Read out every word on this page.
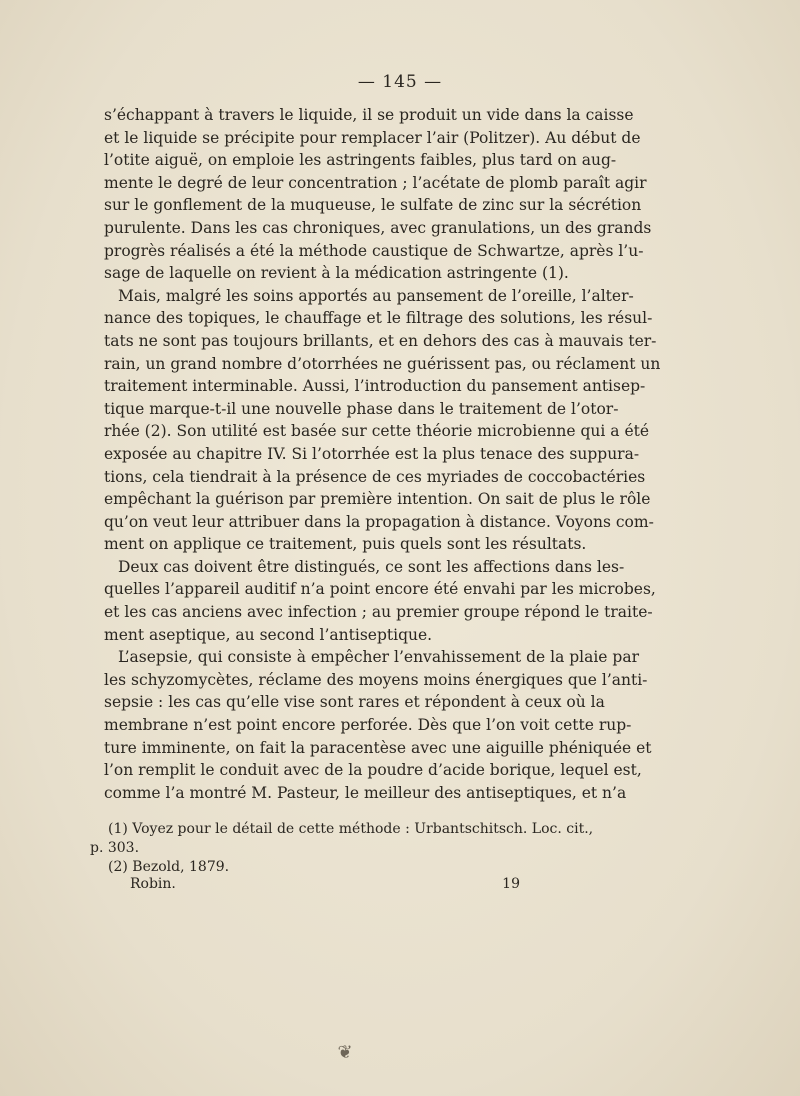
— 145 —

s’échappant à travers le liquide, il se produit un vide dans la caisse
et le liquide se précipite pour remplacer l’air (Politzer). Au début de
l’otite aiguë, on emploie les astringents faibles, plus tard on aug-
mente le degré de leur concentration ; l’acétate de plomb paraît agir
sur le gonflement de la muqueuse, le sulfate de zinc sur la sécrétion
purulente. Dans les cas chroniques, avec granulations, un des grands
progrès réalisés a été la méthode caustique de Schwartze, après l’u-
sage de laquelle on revient à la médication astringente (1).

Mais, malgré les soins apportés au pansement de l’oreille, l’alter-
nance des topiques, le chauffage et le filtrage des solutions, les résul-
tats ne sont pas toujours brillants, et en dehors des cas à mauvais ter-
rain, un grand nombre d’otorrhées ne guérissent pas, ou réclament un
traitement interminable. Aussi, l’introduction du pansement antisep-
tique marque-t-il une nouvelle phase dans le traitement de l’otor-
rhée (2). Son utilité est basée sur cette théorie microbienne qui a été
exposée au chapitre IV. Si l’otorrhée est la plus tenace des suppura-
tions, cela tiendrait à la présence de ces myriades de coccobactéries
empêchant la guérison par première intention. On sait de plus le rôle
qu’on veut leur attribuer dans la propagation à distance. Voyons com-
ment on applique ce traitement, puis quels sont les résultats.

Deux cas doivent être distingués, ce sont les affections dans les-
quelles l’appareil auditif n’a point encore été envahi par les microbes,
et les cas anciens avec infection ; au premier groupe répond le traite-
ment aseptique, au second l’antiseptique.

L’asepsie, qui consiste à empêcher l’envahissement de la plaie par
les schyzomycètes, réclame des moyens moins énergiques que l’anti-
sepsie : les cas qu’elle vise sont rares et répondent à ceux où la
membrane n’est point encore perforée. Dès que l’on voit cette rup-
ture imminente, on fait la paracentèse avec une aiguille phéniquée et
l’on remplit le conduit avec de la poudre d’acide borique, lequel est,
comme l’a montré M. Pasteur, le meilleur des antiseptiques, et n’a

(1) Voyez pour le détail de cette méthode : Urbantschitsch. Loc. cit.,
p. 303.
(2) Bezold, 1879.
Robin.	19
❦
